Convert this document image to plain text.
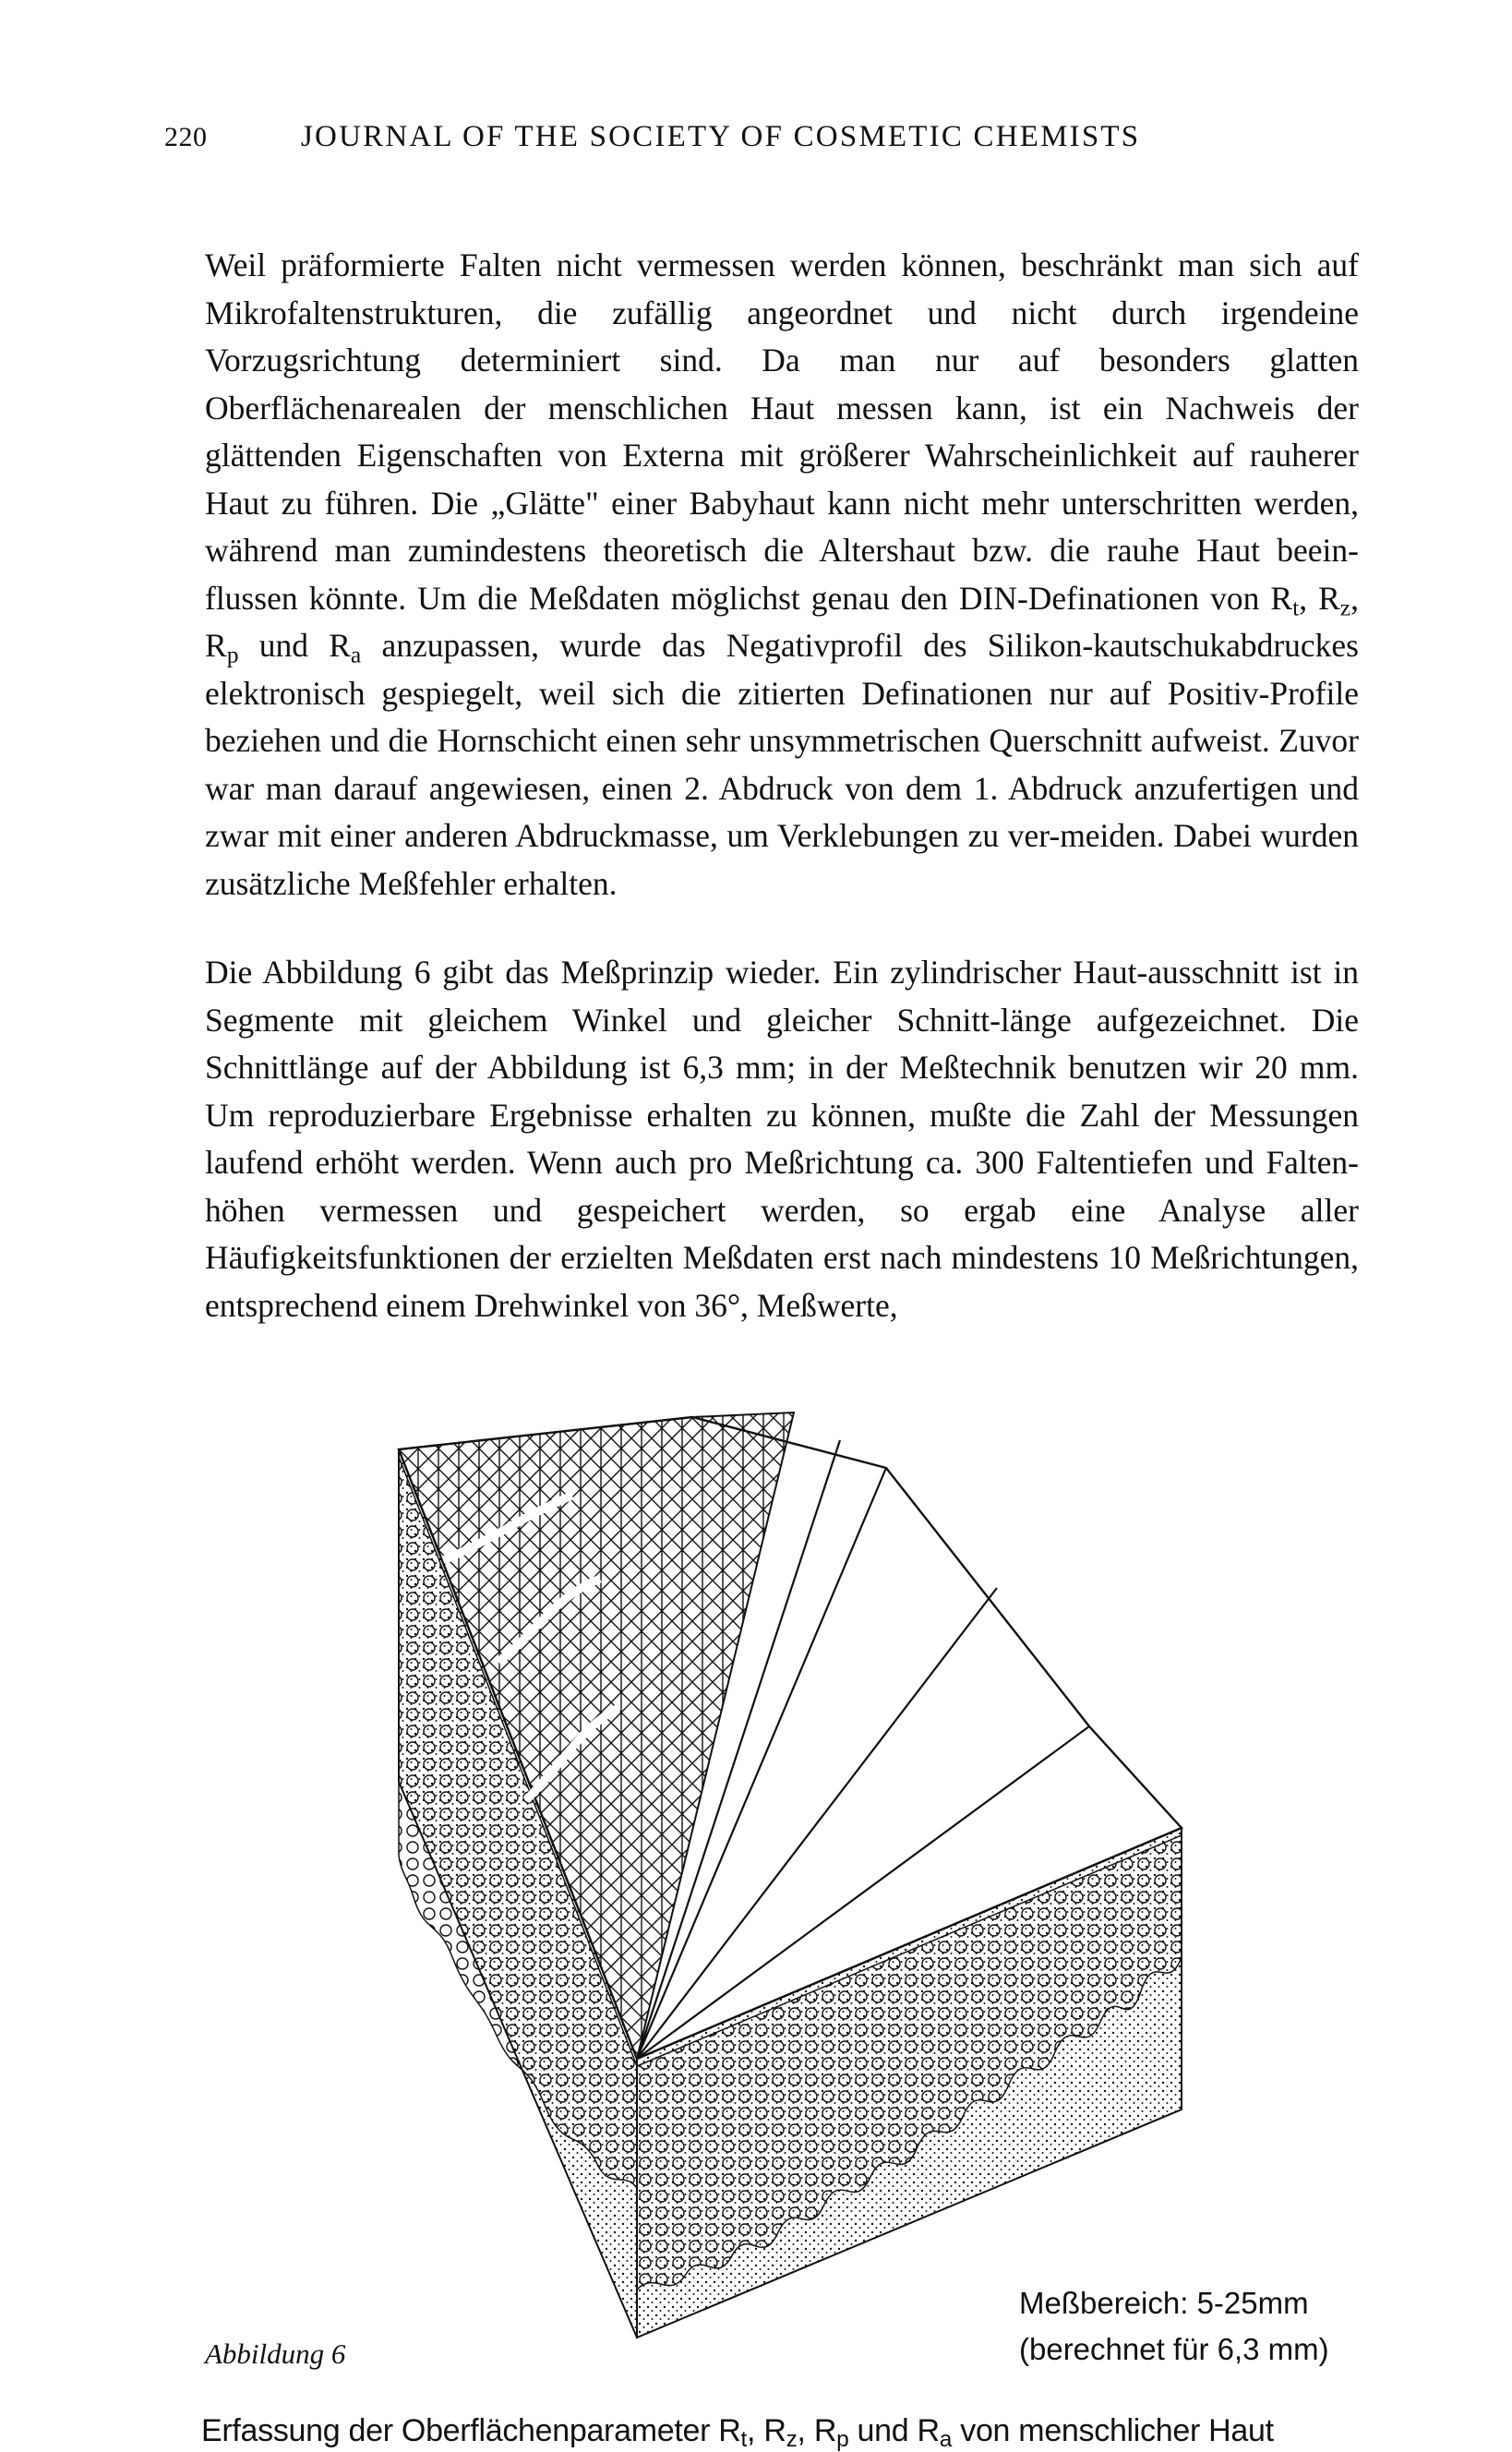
220	JOURNAL OF THE SOCIETY OF COSMETIC CHEMISTS

Weil präformierte Falten nicht vermessen werden können, beschränkt man sich auf Mikrofaltenstrukturen, die zufällig angeordnet und nicht durch irgendeine Vorzugsrichtung determiniert sind. Da man nur auf besonders glatten Oberflächenarealen der menschlichen Haut messen kann, ist ein Nachweis der glättenden Eigenschaften von Externa mit größerer Wahrscheinlichkeit auf rauherer Haut zu führen. Die „Glätte" einer Babyhaut kann nicht mehr unterschritten werden, während man zumindestens theoretisch die Altershaut bzw. die rauhe Haut beein-flussen könnte. Um die Meßdaten möglichst genau den DIN-Definationen von $R_t$, $R_z$, $R_p$ und $R_a$ anzupassen, wurde das Negativprofil des Silikon-kautschukabdruckes elektronisch gespiegelt, weil sich die zitierten Definationen nur auf Positiv-Profile beziehen und die Hornschicht einen sehr unsymmetrischen Querschnitt aufweist. Zuvor war man darauf angewiesen, einen 2. Abdruck von dem 1. Abdruck anzufertigen und zwar mit einer anderen Abdruckmasse, um Verklebungen zu ver-meiden. Dabei wurden zusätzliche Meßfehler erhalten.

Die Abbildung 6 gibt das Meßprinzip wieder. Ein zylindrischer Haut-ausschnitt ist in Segmente mit gleichem Winkel und gleicher Schnitt-länge aufgezeichnet. Die Schnittlänge auf der Abbildung ist 6,3 mm; in der Meßtechnik benutzen wir 20 mm. Um reproduzierbare Ergebnisse erhalten zu können, mußte die Zahl der Messungen laufend erhöht werden. Wenn auch pro Meßrichtung ca. 300 Faltentiefen und Falten-höhen vermessen und gespeichert werden, so ergab eine Analyse aller Häufigkeitsfunktionen der erzielten Meßdaten erst nach mindestens 10 Meßrichtungen, entsprechend einem Drehwinkel von 36°, Meßwerte,

Abbildung 6
Meßbereich: 5-25mm
(berechnet für 6,3 mm)
Erfassung der Oberflächenparameter $R_t$, $R_z$, $R_p$ und $R_a$ von menschlicher Haut
